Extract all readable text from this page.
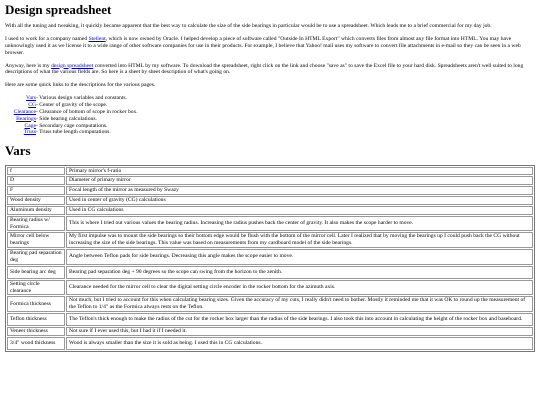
Design spreadsheet

With all the tuning and tweaking, it quickly became apparent that the best way to calculate the size of the side bearings in particular would be to use a spreadsheet. Which leads me to a brief commercial for my day job.

I used to work for a company named Stellent, which is now owned by Oracle. I helped develop a piece of software called "Outside In HTML Export" which converts files from almost any file format into HTML. You may have unknowingly used it as we license it to a wide range of other software companies for use in their products. For example, I believe that Yahoo! mail uses my software to convert file attachments in e-mail so they can be seen in a web browser.

Anyway, here is my design spreadsheet converted into HTML by my software. To download the spreadsheet, right click on the link and choose "save as" to save the Excel file to your hard disk. Spreadsheets aren't well suited to long descriptions of what the various fields are. So here is a sheet by sheet description of what's going on.

Here are some quick links to the descriptions for the various pages.

Vars - Various design variables and constants.
CG - Center of gravity of the scope.
Clearance - Clearance of bottom of scope in rocker box.
Bearings - Side bearing calculations.
Cage - Secondary cage computations.
Truss - Truss tube length computations.
Vars
f	Primary mirror's f-ratio
D	Diameter of primary mirror
F	Focal length of the mirror as measured by Swazy
Wood density	Used in center of gravity (CG) calculations
Aluminum density	Used in CG calculations
Bearing radius w/ Formica	This is where I tried out various values the bearing radius. Increasing the radius pushes back the center of gravity. It also makes the scope harder to move.
Mirror cell below bearings	My first impulse was to mount the side bearings so their bottom edge would be flush with the bottom of the mirror cell. Later I realized that by moving the bearings up I could push back the CG without increasing the size of the side bearings. This value was based on measurements from my cardboard model of the side bearings.
Bearing pad separation deg	Angle between Teflon pads for side bearings. Decreasing this angle makes the scope easier to move.
Side bearing arc deg	Bearing pad separation deg + 90 degrees so the scope can swing from the horizon to the zenith.
Setting circle clearance	Clearance needed for the mirror cell to clear the digital setting circle encoder in the rocker bottom for the azimuth axis.
Formica thickness	Not much, but I tried to account for this when calculating bearing sizes. Given the accuracy of my cuts, I really didn't need to bother. Mostly it reminded me that it was OK to round up the measurement of the Teflon to 1/4" as the Formica always rests on the Teflon.
Teflon thickness	The Teflon's thick enough to make the radius of the cut for the rocker box larger than the radius of the side bearings. I also took this into account in calculating the height of the rocker box and baseboard.
Veneer thickness	Not sure if I ever used this, but I had it if I needed it.
3/4" wood thickness	Wood is always smaller than the size it is sold as being. I used this in CG calculations.
